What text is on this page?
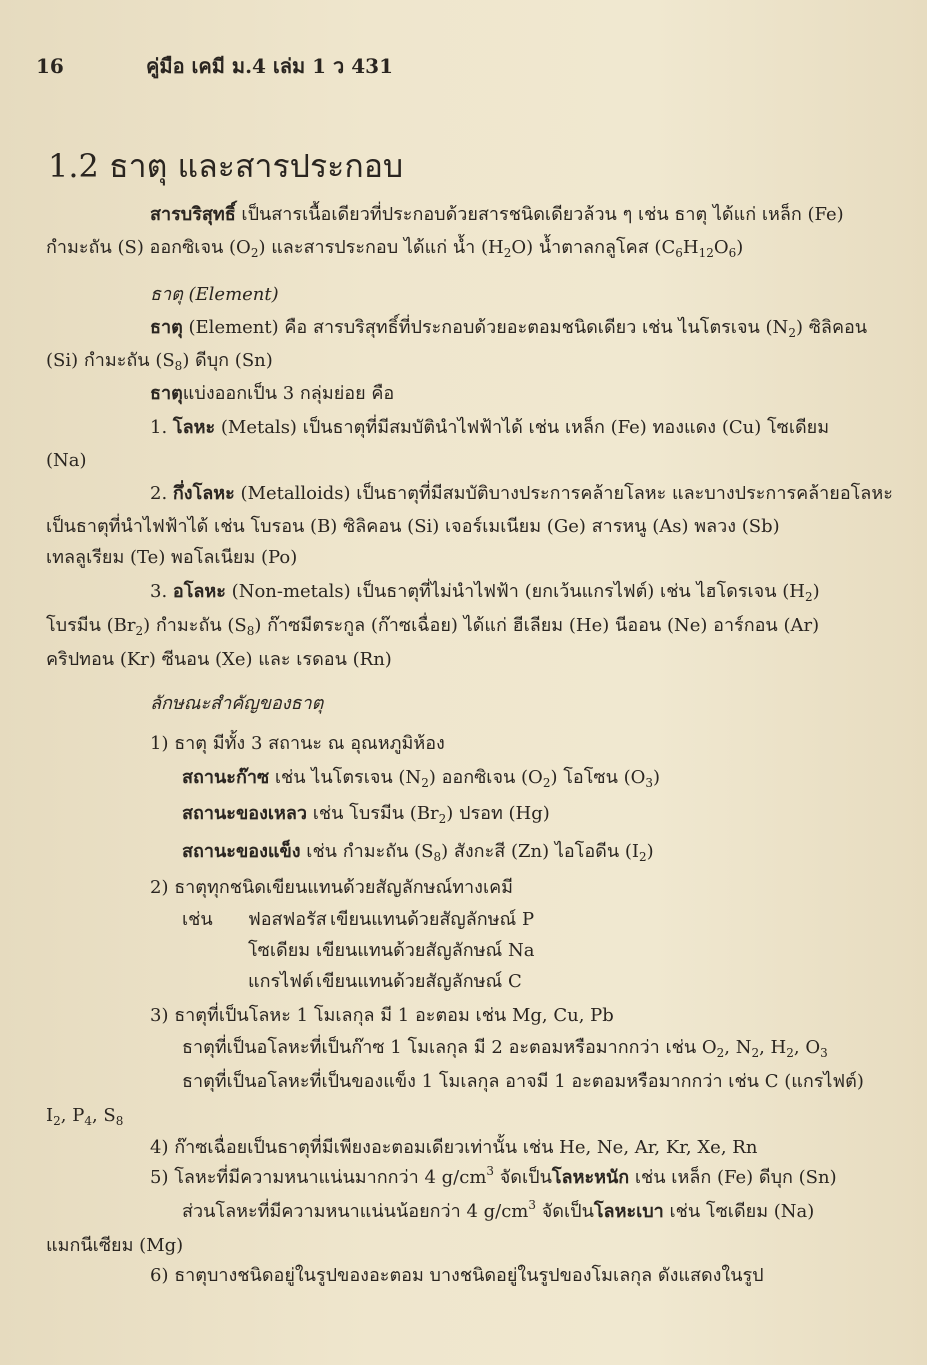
16	คู่มือ เคมี ม.4 เล่ม 1 ว 431
1.2 ธาตุ และสารประกอบ
สารบริสุทธิ์ เป็นสารเนื้อเดียวที่ประกอบด้วยสารชนิดเดียวล้วน ๆ เช่น ธาตุ ได้แก่ เหล็ก (Fe)
กำมะถัน (S) ออกซิเจน $(O_2)$ และสารประกอบ ได้แก่ น้ำ $(H_2O)$ น้ำตาลกลูโคส $(C_6H_{12}O_6)$
ธาตุ (Element)
ธาตุ (Element) คือ สารบริสุทธิ์ที่ประกอบด้วยอะตอมชนิดเดียว เช่น ไนโตรเจน $(N_2)$ ซิลิคอน
(Si) กำมะถัน $(S_8)$ ดีบุก (Sn)
ธาตุแบ่งออกเป็น 3 กลุ่มย่อย คือ
1. โลหะ (Metals) เป็นธาตุที่มีสมบัตินำไฟฟ้าได้ เช่น เหล็ก (Fe) ทองแดง (Cu) โซเดียม
(Na)
2. กึ่งโลหะ (Metalloids) เป็นธาตุที่มีสมบัติบางประการคล้ายโลหะ และบางประการคล้ายอโลหะ
เป็นธาตุที่นำไฟฟ้าได้ เช่น โบรอน (B) ซิลิคอน (Si) เจอร์เมเนียม (Ge) สารหนู (As) พลวง (Sb)
เทลลูเรียม (Te) พอโลเนียม (Po)
3. อโลหะ (Non-metals) เป็นธาตุที่ไม่นำไฟฟ้า (ยกเว้นแกรไฟต์) เช่น ไฮโดรเจน $(H_2)$
โบรมีน $(Br_2)$ กำมะถัน $(S_8)$ ก๊าซมีตระกูล (ก๊าซเฉื่อย) ได้แก่ ฮีเลียม (He) นีออน (Ne) อาร์กอน (Ar)
คริปทอน (Kr) ซีนอน (Xe) และ เรดอน (Rn)
ลักษณะสำคัญของธาตุ
1) ธาตุ มีทั้ง 3 สถานะ ณ อุณหภูมิห้อง
สถานะก๊าซ เช่น ไนโตรเจน $(N_2)$ ออกซิเจน $(O_2)$ โอโซน $(O_3)$
สถานะของเหลว เช่น โบรมีน $(Br_2)$ ปรอท (Hg)
สถานะของแข็ง เช่น กำมะถัน $(S_8)$ สังกะสี (Zn) ไอโอดีน $(I_2)$
2) ธาตุทุกชนิดเขียนแทนด้วยสัญลักษณ์ทางเคมี
เช่น ฟอสฟอรัส เขียนแทนด้วยสัญลักษณ์ P
โซเดียม เขียนแทนด้วยสัญลักษณ์ Na
แกรไฟต์ เขียนแทนด้วยสัญลักษณ์ C
3) ธาตุที่เป็นโลหะ 1 โมเลกุล มี 1 อะตอม เช่น Mg, Cu, Pb
ธาตุที่เป็นอโลหะที่เป็นก๊าซ 1 โมเลกุล มี 2 อะตอมหรือมากกว่า เช่น $O_2$, $N_2$, $H_2$, $O_3$
ธาตุที่เป็นอโลหะที่เป็นของแข็ง 1 โมเลกุล อาจมี 1 อะตอมหรือมากกว่า เช่น C (แกรไฟต์)
$I_2$, $P_4$, $S_8$
4) ก๊าซเฉื่อยเป็นธาตุที่มีเพียงอะตอมเดียวเท่านั้น เช่น He, Ne, Ar, Kr, Xe, Rn
5) โลหะที่มีความหนาแน่นมากกว่า 4 $g/cm^3$ จัดเป็นโลหะหนัก เช่น เหล็ก (Fe) ดีบุก (Sn)
ส่วนโลหะที่มีความหนาแน่นน้อยกว่า 4 $g/cm^3$ จัดเป็นโลหะเบา เช่น โซเดียม (Na)
แมกนีเซียม (Mg)
6) ธาตุบางชนิดอยู่ในรูปของอะตอม บางชนิดอยู่ในรูปของโมเลกุล ดังแสดงในรูป
